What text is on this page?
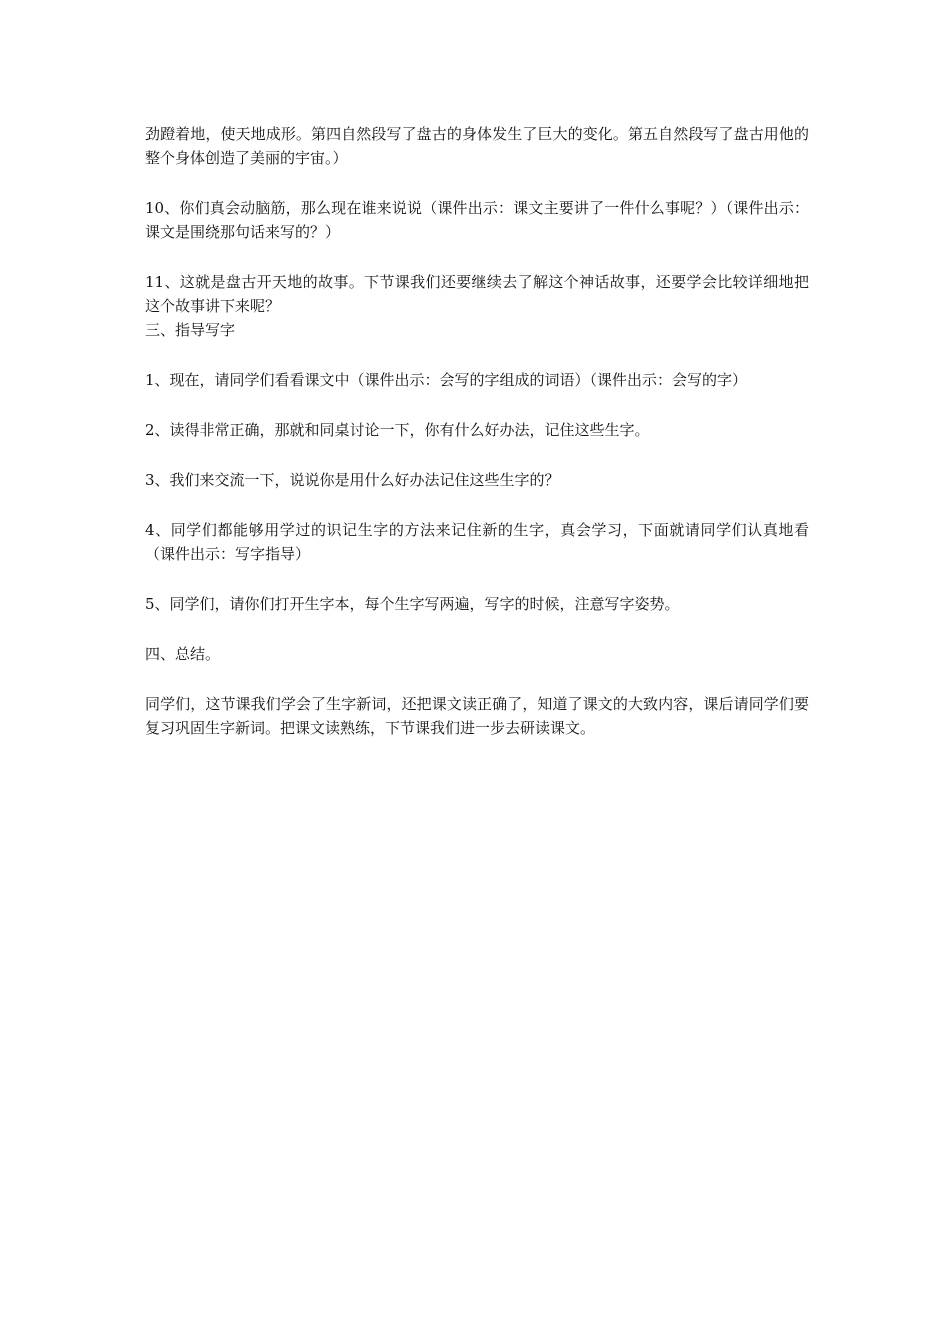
劲蹬着地，使天地成形。第四自然段写了盘古的身体发生了巨大的变化。第五自然段写了盘古用他的整个身体创造了美丽的宇宙。）

10、你们真会动脑筋，那么现在谁来说说（课件出示：课文主要讲了一件什么事呢？）（课件出示：课文是围绕那句话来写的？）

11、这就是盘古开天地的故事。下节课我们还要继续去了解这个神话故事，还要学会比较详细地把这个故事讲下来呢？

三、指导写字

1、现在，请同学们看看课文中（课件出示：会写的字组成的词语）（课件出示：会写的字）

2、读得非常正确，那就和同桌讨论一下，你有什么好办法，记住这些生字。

3、我们来交流一下，说说你是用什么好办法记住这些生字的？

4、同学们都能够用学过的识记生字的方法来记住新的生字，真会学习，下面就请同学们认真地看（课件出示：写字指导）

5、同学们，请你们打开生字本，每个生字写两遍，写字的时候，注意写字姿势。

四、总结。

同学们，这节课我们学会了生字新词，还把课文读正确了，知道了课文的大致内容，课后请同学们要复习巩固生字新词。把课文读熟练，下节课我们进一步去研读课文。
